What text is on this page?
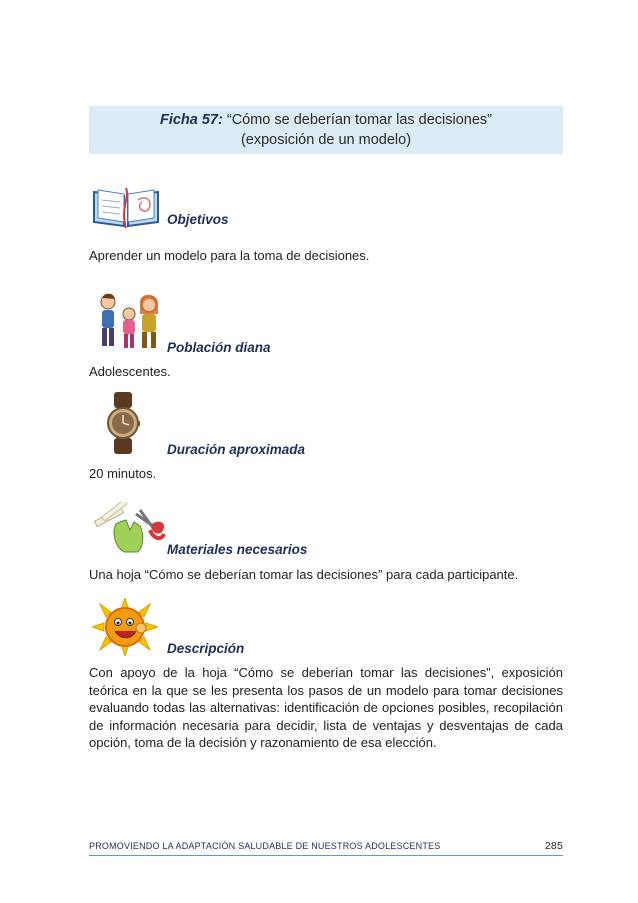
Ficha 57: “Cómo se deberían tomar las decisiones”
(exposición de un modelo)
Objetivos
Aprender un modelo para la toma de decisiones.
Población diana
Adolescentes.
Duración aproximada
20 minutos.
Materiales necesarios
Una hoja “Cómo se deberían tomar las decisiones” para cada participante.
Descripción
Con apoyo de la hoja “Cómo se deberían tomar las decisiones”, exposición teórica en la que se les presenta los pasos de un modelo para tomar decisiones evaluando todas las alternativas: identificación de opciones posibles, recopilación de información necesaria para decidir, lista de ventajas y desventajas de cada opción, toma de la decisión y razonamiento de esa elección.
PROMOVIENDO LA ADAPTACIÓN SALUDABLE DE NUESTROS ADOLESCENTES	285
